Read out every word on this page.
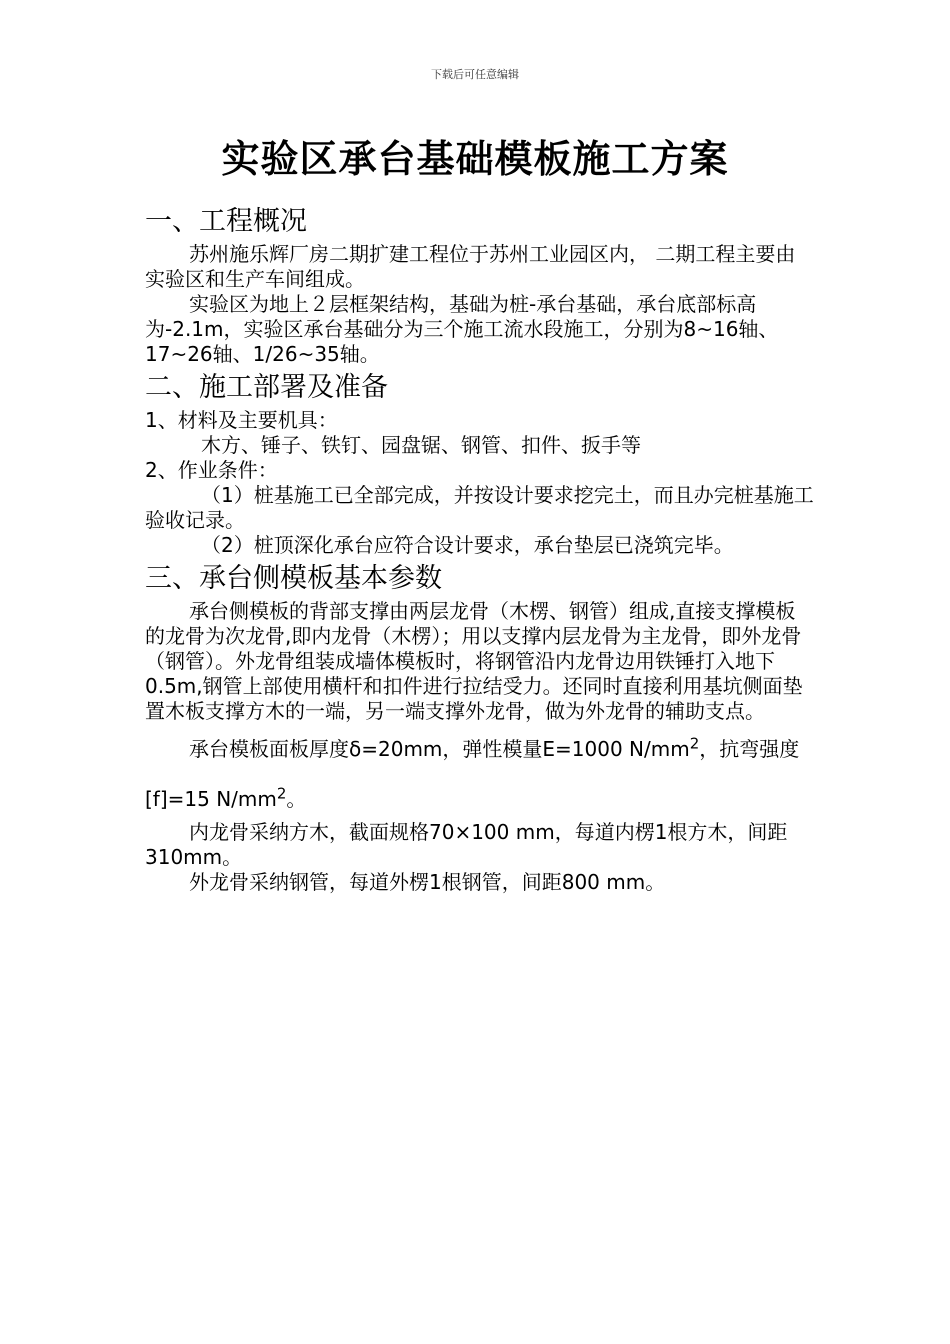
下载后可任意编辑
实验区承台基础模板施工方案
一、工程概况

苏州施乐辉厂房二期扩建工程位于苏州工业园区内， 二期工程主要由实验区和生产车间组成。

实验区为地上２层框架结构，基础为桩-承台基础，承台底部标高为-2.1m，实验区承台基础分为三个施工流水段施工，分别为8~16轴、17~26轴、1/26~35轴。

二、施工部署及准备

1、材料及主要机具：

木方、锤子、铁钉、园盘锯、钢管、扣件、扳手等

2、作业条件：

（1）桩基施工已全部完成，并按设计要求挖完土，而且办完桩基施工验收记录。

（2）桩顶深化承台应符合设计要求，承台垫层已浇筑完毕。

三、承台侧模板基本参数

承台侧模板的背部支撑由两层龙骨（木楞、钢管）组成,直接支撑模板的龙骨为次龙骨,即内龙骨（木楞）；用以支撑内层龙骨为主龙骨，即外龙骨（钢管）。外龙骨组装成墙体模板时，将钢管沿内龙骨边用铁锤打入地下0.5m,钢管上部使用横杆和扣件进行拉结受力。还同时直接利用基坑侧面垫置木板支撑方木的一端，另一端支撑外龙骨，做为外龙骨的辅助支点。

承台模板面板厚度δ=20mm，弹性模量E=1000 $N/mm^2$，抗弯强度

[f]=15 $N/mm^2$。

内龙骨采纳方木，截面规格70×100 mm，每道内楞1根方木，间距310mm。

外龙骨采纳钢管，每道外楞1根钢管，间距800 mm。
